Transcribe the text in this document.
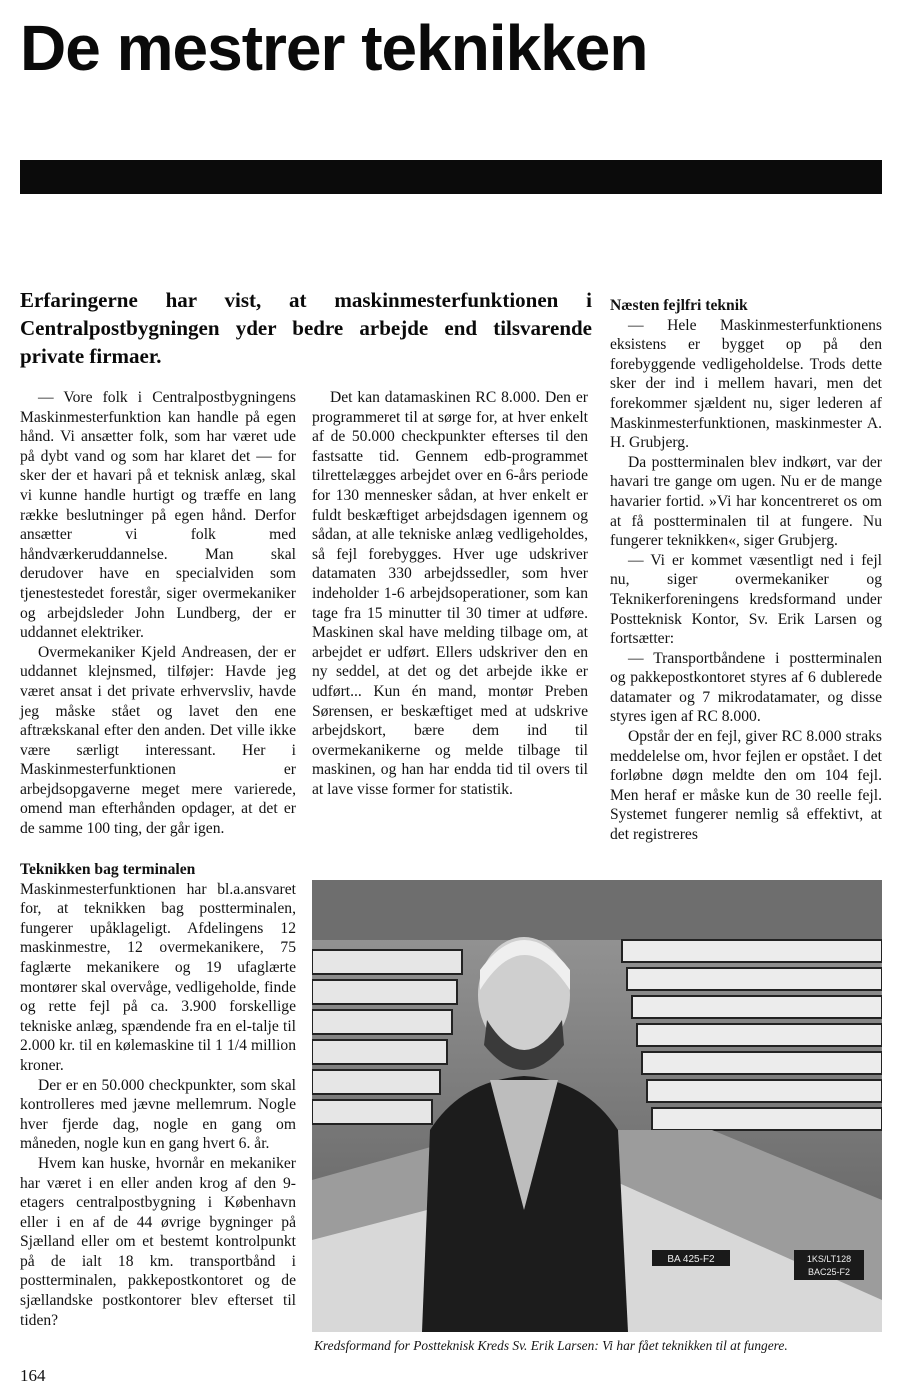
De mestrer teknikken
Erfaringerne har vist, at maskinmesterfunktionen i Centralpostbygningen yder bedre arbejde end tilsvarende private firmaer.

— Vore folk i Centralpostbygningens Maskinmesterfunktion kan handle på egen hånd. Vi ansætter folk, som har været ude på dybt vand og som har klaret det — for sker der et havari på et teknisk anlæg, skal vi kunne handle hurtigt og træffe en lang række beslutninger på egen hånd. Derfor ansætter vi folk med håndværkeruddannelse. Man skal derudover have en specialviden som tjenestestedet forestår, siger overmekaniker og arbejdsleder John Lundberg, der er uddannet elektriker.

Overmekaniker Kjeld Andreasen, der er uddannet klejnsmed, tilføjer: Havde jeg været ansat i det private erhvervsliv, havde jeg måske stået og lavet den ene aftrækskanal efter den anden. Det ville ikke være særligt interessant. Her i Maskinmesterfunktionen er arbejdsopgaverne meget mere varierede, omend man efterhånden opdager, at det er de samme 100 ting, der går igen.

Det kan datamaskinen RC 8.000. Den er programmeret til at sørge for, at hver enkelt af de 50.000 checkpunkter efterses til den fastsatte tid. Gennem edb-programmet tilrettelægges arbejdet over en 6-års periode for 130 mennesker sådan, at hver enkelt er fuldt beskæftiget arbejdsdagen igennem og sådan, at alle tekniske anlæg vedligeholdes, så fejl forebygges. Hver uge udskriver datamaten 330 arbejdssedler, som hver indeholder 1-6 arbejdsoperationer, som kan tage fra 15 minutter til 30 timer at udføre. Maskinen skal have melding tilbage om, at arbejdet er udført. Ellers udskriver den en ny seddel, at det og det arbejde ikke er udført... Kun én mand, montør Preben Sørensen, er beskæftiget med at udskrive arbejdskort, bære dem ind til overmekanikerne og melde tilbage til maskinen, og han har endda tid til overs til at lave visse former for statistik.

Næsten fejlfri teknik

— Hele Maskinmesterfunktionens eksistens er bygget op på den forebyggende vedligeholdelse. Trods dette sker der ind i mellem havari, men det forekommer sjældent nu, siger lederen af Maskinmesterfunktionen, maskinmester A. H. Grubjerg.

Da postterminalen blev indkørt, var der havari tre gange om ugen. Nu er de mange havarier fortid. »Vi har koncentreret os om at få postterminalen til at fungere. Nu fungerer teknikken«, siger Grubjerg.

— Vi er kommet væsentligt ned i fejl nu, siger overmekaniker og Teknikerforeningens kredsformand under Postteknisk Kontor, Sv. Erik Larsen og fortsætter:

— Transportbåndene i postterminalen og pakkepostkontoret styres af 6 dublerede datamater og 7 mikrodatamater, og disse styres igen af RC 8.000.

Opstår der en fejl, giver RC 8.000 straks meddelelse om, hvor fejlen er opstået. I det forløbne døgn meldte den om 104 fejl. Men heraf er måske kun de 30 reelle fejl. Systemet fungerer nemlig så effektivt, at det registreres

Teknikken bag terminalen

Maskinmesterfunktionen har bl.a.ansvaret for, at teknikken bag postterminalen, fungerer upåklageligt. Afdelingens 12 maskinmestre, 12 overmekanikere, 75 faglærte mekanikere og 19 ufaglærte montører skal overvåge, vedligeholde, finde og rette fejl på ca. 3.900 forskellige tekniske anlæg, spændende fra en el-talje til 2.000 kr. til en kølemaskine til 1 1/4 million kroner.

Der er en 50.000 checkpunkter, som skal kontrolleres med jævne mellemrum. Nogle hver fjerde dag, nogle en gang om måneden, nogle kun en gang hvert 6. år.

Hvem kan huske, hvornår en mekaniker har været i en eller anden krog af den 9-etagers centralpostbygning i København eller i en af de 44 øvrige bygninger på Sjælland eller om et bestemt kontrolpunkt på de ialt 18 km. transportbånd i postterminalen, pakkepostkontoret og de sjællandske postkontorer blev efterset til tiden?

BA 425-F2	1KS/LT128
BAC25-F2
Kredsformand for Postteknisk Kreds Sv. Erik Larsen: Vi har fået teknikken til at fungere.
164
